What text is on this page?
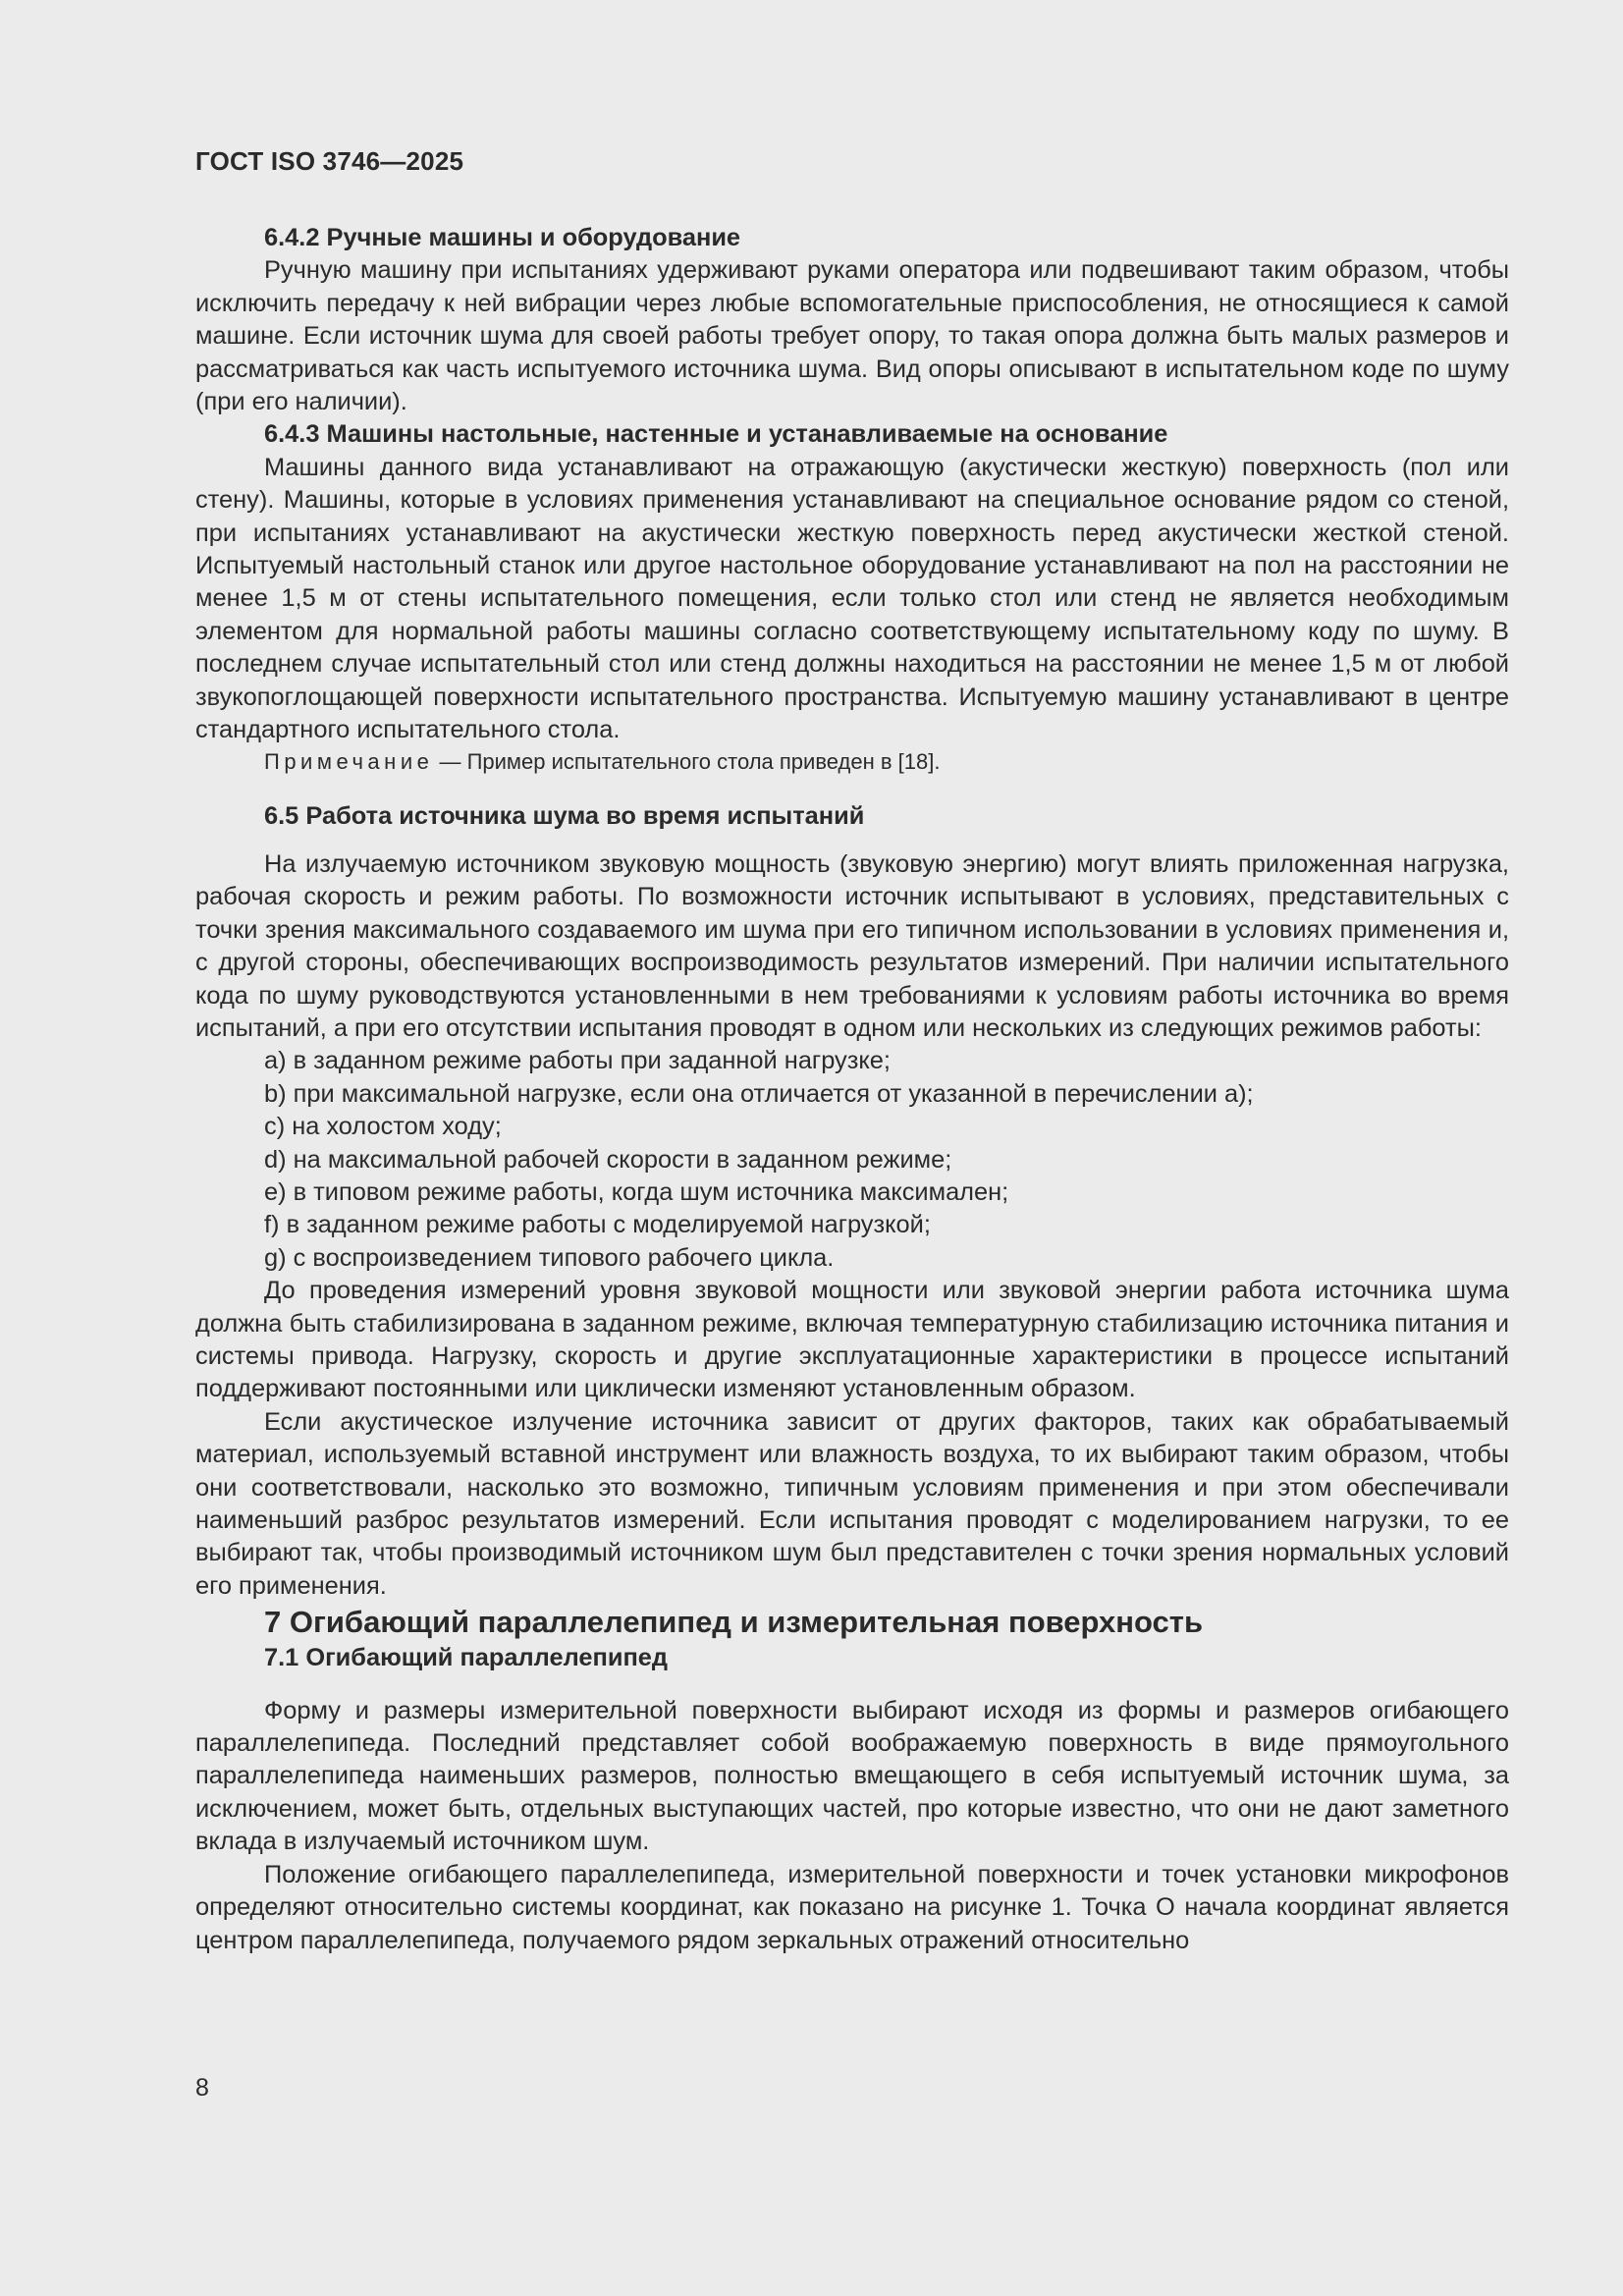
ГОСТ ISO 3746—2025

6.4.2 Ручные машины и оборудование

Ручную машину при испытаниях удерживают руками оператора или подвешивают таким образом, чтобы исключить передачу к ней вибрации через любые вспомогательные приспособления, не относящиеся к самой машине. Если источник шума для своей работы требует опору, то такая опора должна быть малых размеров и рассматриваться как часть испытуемого источника шума. Вид опоры описывают в испытательном коде по шуму (при его наличии).

6.4.3 Машины настольные, настенные и устанавливаемые на основание

Машины данного вида устанавливают на отражающую (акустически жесткую) поверхность (пол или стену). Машины, которые в условиях применения устанавливают на специальное основание рядом со стеной, при испытаниях устанавливают на акустически жесткую поверхность перед акустически жесткой стеной. Испытуемый настольный станок или другое настольное оборудование устанавливают на пол на расстоянии не менее 1,5 м от стены испытательного помещения, если только стол или стенд не является необходимым элементом для нормальной работы машины согласно соответствующему испытательному коду по шуму. В последнем случае испытательный стол или стенд должны находиться на расстоянии не менее 1,5 м от любой звукопоглощающей поверхности испытательного пространства. Испытуемую машину устанавливают в центре стандартного испытательного стола.

Примечание — Пример испытательного стола приведен в [18].

6.5 Работа источника шума во время испытаний

На излучаемую источником звуковую мощность (звуковую энергию) могут влиять приложенная нагрузка, рабочая скорость и режим работы. По возможности источник испытывают в условиях, представительных с точки зрения максимального создаваемого им шума при его типичном использовании в условиях применения и, с другой стороны, обеспечивающих воспроизводимость результатов измерений. При наличии испытательного кода по шуму руководствуются установленными в нем требованиями к условиям работы источника во время испытаний, а при его отсутствии испытания проводят в одном или нескольких из следующих режимов работы:

a) в заданном режиме работы при заданной нагрузке;
b) при максимальной нагрузке, если она отличается от указанной в перечислении а);
c) на холостом ходу;
d) на максимальной рабочей скорости в заданном режиме;
e) в типовом режиме работы, когда шум источника максимален;
f) в заданном режиме работы с моделируемой нагрузкой;
g) с воспроизведением типового рабочего цикла.

До проведения измерений уровня звуковой мощности или звуковой энергии работа источника шума должна быть стабилизирована в заданном режиме, включая температурную стабилизацию источника питания и системы привода. Нагрузку, скорость и другие эксплуатационные характеристики в процессе испытаний поддерживают постоянными или циклически изменяют установленным образом.

Если акустическое излучение источника зависит от других факторов, таких как обрабатываемый материал, используемый вставной инструмент или влажность воздуха, то их выбирают таким образом, чтобы они соответствовали, насколько это возможно, типичным условиям применения и при этом обеспечивали наименьший разброс результатов измерений. Если испытания проводят с моделированием нагрузки, то ее выбирают так, чтобы производимый источником шум был представителен с точки зрения нормальных условий его применения.

7 Огибающий параллелепипед и измерительная поверхность

7.1 Огибающий параллелепипед

Форму и размеры измерительной поверхности выбирают исходя из формы и размеров огибающего параллелепипеда. Последний представляет собой воображаемую поверхность в виде прямоугольного параллелепипеда наименьших размеров, полностью вмещающего в себя испытуемый источник шума, за исключением, может быть, отдельных выступающих частей, про которые известно, что они не дают заметного вклада в излучаемый источником шум.

Положение огибающего параллелепипеда, измерительной поверхности и точек установки микрофонов определяют относительно системы координат, как показано на рисунке 1. Точка О начала координат является центром параллелепипеда, получаемого рядом зеркальных отражений относительно

8
